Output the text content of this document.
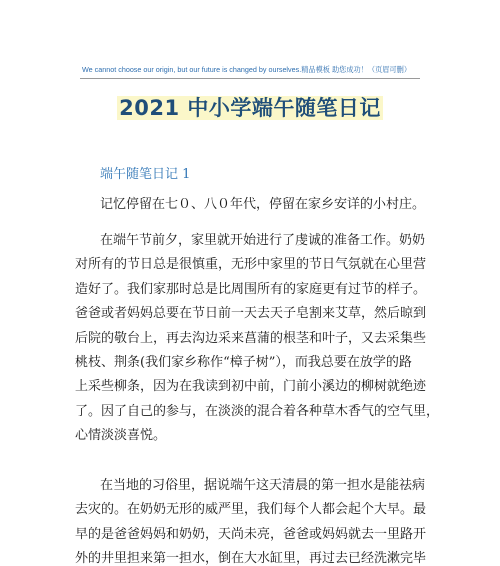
We cannot choose our origin, but our future is changed by ourselves.精品模板 助您成功！（页眉可删）
2021 中小学端午随笔日记
端午随笔日记 1

记忆停留在七０、八０年代，停留在家乡安详的小村庄。

在端午节前夕，家里就开始进行了虔诚的准备工作。奶奶

对所有的节日总是很慎重，无形中家里的节日气氛就在心里营

造好了。我们家那时总是比周围所有的家庭更有过节的样子。

爸爸或者妈妈总要在节日前一天去天子皂割来艾草，然后晾到

后院的敬台上，再去沟边采来菖蒲的根茎和叶子，又去采集些

桃枝、荆条(我们家乡称作“樟子树”），而我总要在放学的路

上采些柳条，因为在我读到初中前，门前小溪边的柳树就绝迹

了。因了自己的参与，在淡淡的混合着各种草木香气的空气里，

心情淡淡喜悦。

在当地的习俗里，据说端午这天清晨的第一担水是能祛病

去灾的。在奶奶无形的威严里，我们每个人都会起个大早。最

早的是爸爸妈妈和奶奶，天尚未亮，爸爸或妈妈就去一里路开

外的井里担来第一担水，倒在大水缸里，再过去已经洗漱完毕
